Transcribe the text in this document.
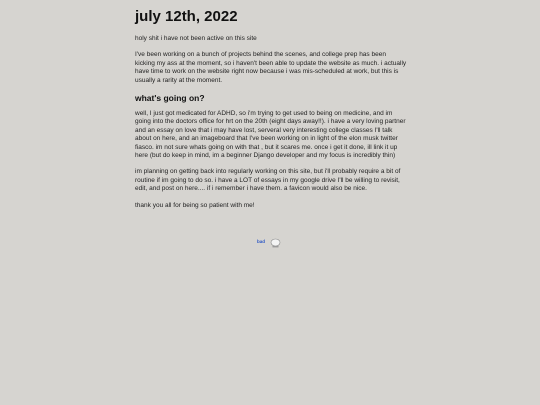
july 12th, 2022

holy shit i have not been active on this site

I've been working on a bunch of projects behind the scenes, and college prep has been kicking my ass at the moment, so i haven't been able to update the website as much. i actually have time to work on the website right now because i was mis-scheduled at work, but this is usually a rarity at the moment.

what's going on?

well, I just got medicated for ADHD, so i'm trying to get used to being on medicine, and im going into the doctors office for hrt on the 20th (eight days away!!). i have a very loving partner and an essay on love that i may have lost, serveral very interesting college classes I'll talk about on here, and an imageboard that I've been working on in light of the elon musk twitter fiasco. im not sure whats going on with that , but it scares me. once i get it done, ill link it up here (but do keep in mind, im a beginner Django developer and my focus is incredibly thin)

im planning on getting back into regularly working on this site, but i'll probably require a bit of routine if im going to do so. i have a LOT of essays in my google drive I'll be willing to revisit, edit, and post on here.... if i remember i have them. a favicon would also be nice.

thank you all for being so patient with me!

bad
